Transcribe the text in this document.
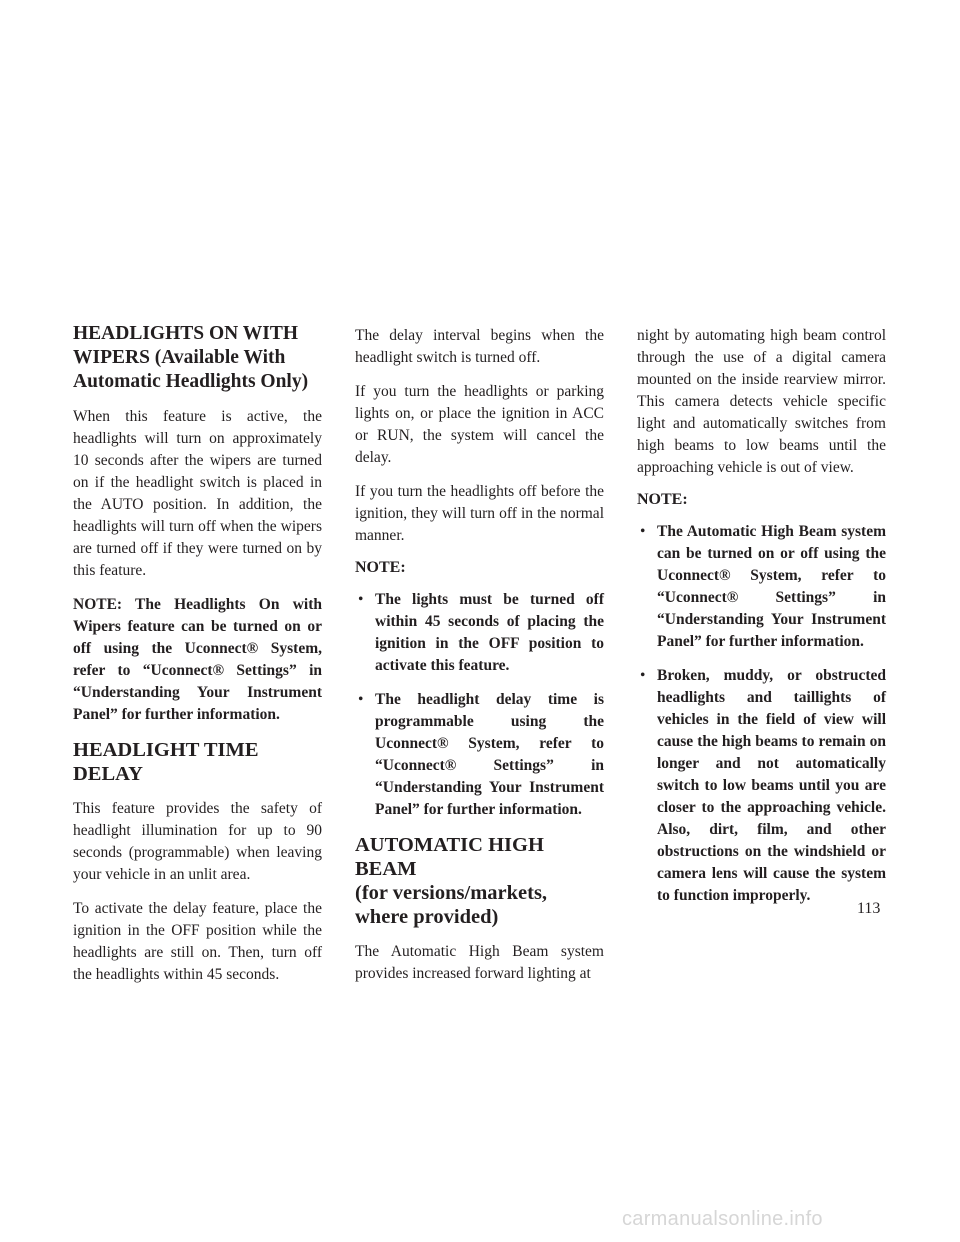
HEADLIGHTS ON WITH WIPERS (Available With Automatic Headlights Only)

When this feature is active, the headlights will turn on approximately 10 seconds after the wipers are turned on if the headlight switch is placed in the AUTO position. In addition, the headlights will turn off when the wipers are turned off if they were turned on by this feature.

NOTE: The Headlights On with Wipers feature can be turned on or off using the Uconnect® System, refer to “Uconnect® Settings” in “Understanding Your Instrument Panel” for further information.

HEADLIGHT TIME DELAY

This feature provides the safety of headlight illumination for up to 90 seconds (programmable) when leaving your vehicle in an unlit area.

To activate the delay feature, place the ignition in the OFF position while the headlights are still on. Then, turn off the headlights within 45 seconds.

The delay interval begins when the headlight switch is turned off.

If you turn the headlights or parking lights on, or place the ignition in ACC or RUN, the system will cancel the delay.

If you turn the headlights off before the ignition, they will turn off in the normal manner.

NOTE:
• The lights must be turned off within 45 seconds of placing the ignition in the OFF position to activate this feature.
• The headlight delay time is programmable using the Uconnect® System, refer to “Uconnect® Settings” in “Understanding Your Instrument Panel” for further information.
AUTOMATIC HIGH BEAM
(for versions/markets, where provided)

The Automatic High Beam system provides increased forward lighting at

night by automating high beam control through the use of a digital camera mounted on the inside rearview mirror. This camera detects vehicle specific light and automatically switches from high beams to low beams until the approaching vehicle is out of view.

NOTE:
• The Automatic High Beam system can be turned on or off using the Uconnect® System, refer to “Uconnect® Settings” in “Understanding Your Instrument Panel” for further information.
• Broken, muddy, or obstructed headlights and taillights of vehicles in the field of view will cause the high beams to remain on longer and not automatically switch to low beams until you are closer to the approaching vehicle. Also, dirt, film, and other obstructions on the windshield or camera lens will cause the system to function improperly.
113
carmanualsonline.info
